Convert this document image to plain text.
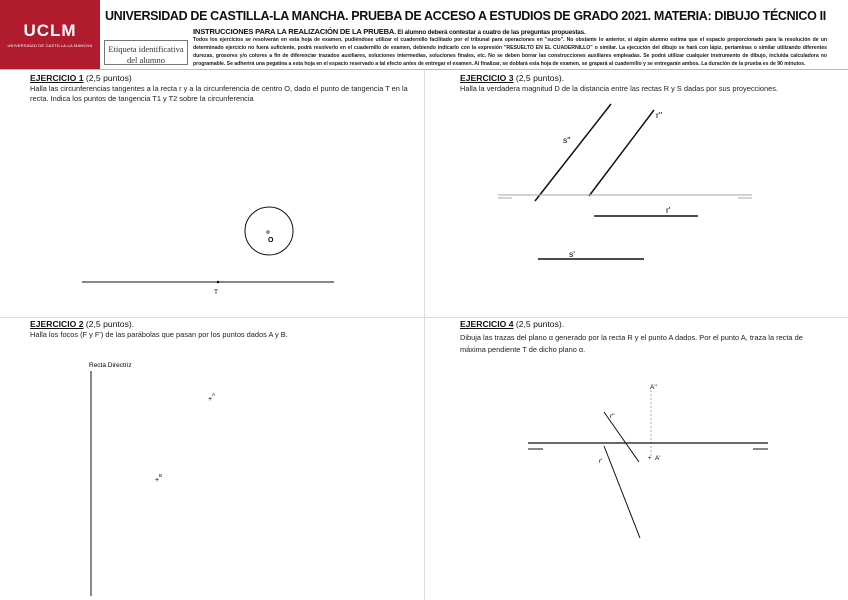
UCLM
UNIVERSIDAD DE CASTILLA-LA MANCHA
UNIVERSIDAD DE CASTILLA-LA MANCHA. PRUEBA DE ACCESO A ESTUDIOS DE GRADO 2021. MATERIA: DIBUJO TÉCNICO II
Etiqueta identificativa del alumno
INSTRUCCIONES PARA LA REALIZACIÓN DE LA PRUEBA. El alumno deberá contestar a cuatro de las preguntas propuestas.
Todos los ejercicios se resolverán en esta hoja de examen, pudiéndose utilizar el cuadernillo facilitado por el tribunal para operaciones en "sucio". No obstante lo anterior, si algún alumno estima que el espacio proporcionado para la resolución de un determinado ejercicio no fuera suficiente, podrá resolverlo en el cuadernillo de examen, debiendo indicarlo con la expresión "RESUELTO EN EL CUADERNILLO" o similar. La ejecución del dibujo se hará con lápiz, pertaminas o similar utilizando diferentes durezas, grosores y/o colores a fin de diferenciar trazados auxiliares, soluciones intermedias, soluciones finales, etc. No se deben borrar las construcciones auxiliares empleadas. Se podrá utilizar cualquier instrumento de dibujo, incluida calculadora no programable. Se adherirá una pegatina a esta hoja en el espacio reservado a tal efecto antes de entregar el examen. Al finalizar, se doblará esta hoja de examen, se grapará al cuadernillo y se entregarán ambos. La duración de la prueba es de 90 minutos.
EJERCICIO 1 (2,5 puntos)
Halla las circunferencias tangentes a la recta r y a la circunferencia de centro O, dado el punto de tangencia T en la recta. Indica los puntos de tangencia T1 y T2 sobre la circunferencia
EJERCICIO 2 (2,5 puntos).
Halla los focos (F y F') de las parábolas que pasan por los puntos dados A y B.
EJERCICIO 3 (2,5 puntos).
Halla la verdadera magnitud D de la distancia entre las rectas R y S dadas por sus proyecciones.
EJERCICIO 4 (2,5 puntos).
Dibuja las trazas del plano α generado por la recta R y el punto A dados. Por el punto A, traza la recta de máxima pendiente T de dicho plano α.
O
T
Recta Directriz
+
A
+
B
s''
r''
r'
s'
A''
r''
r'	+ A'
